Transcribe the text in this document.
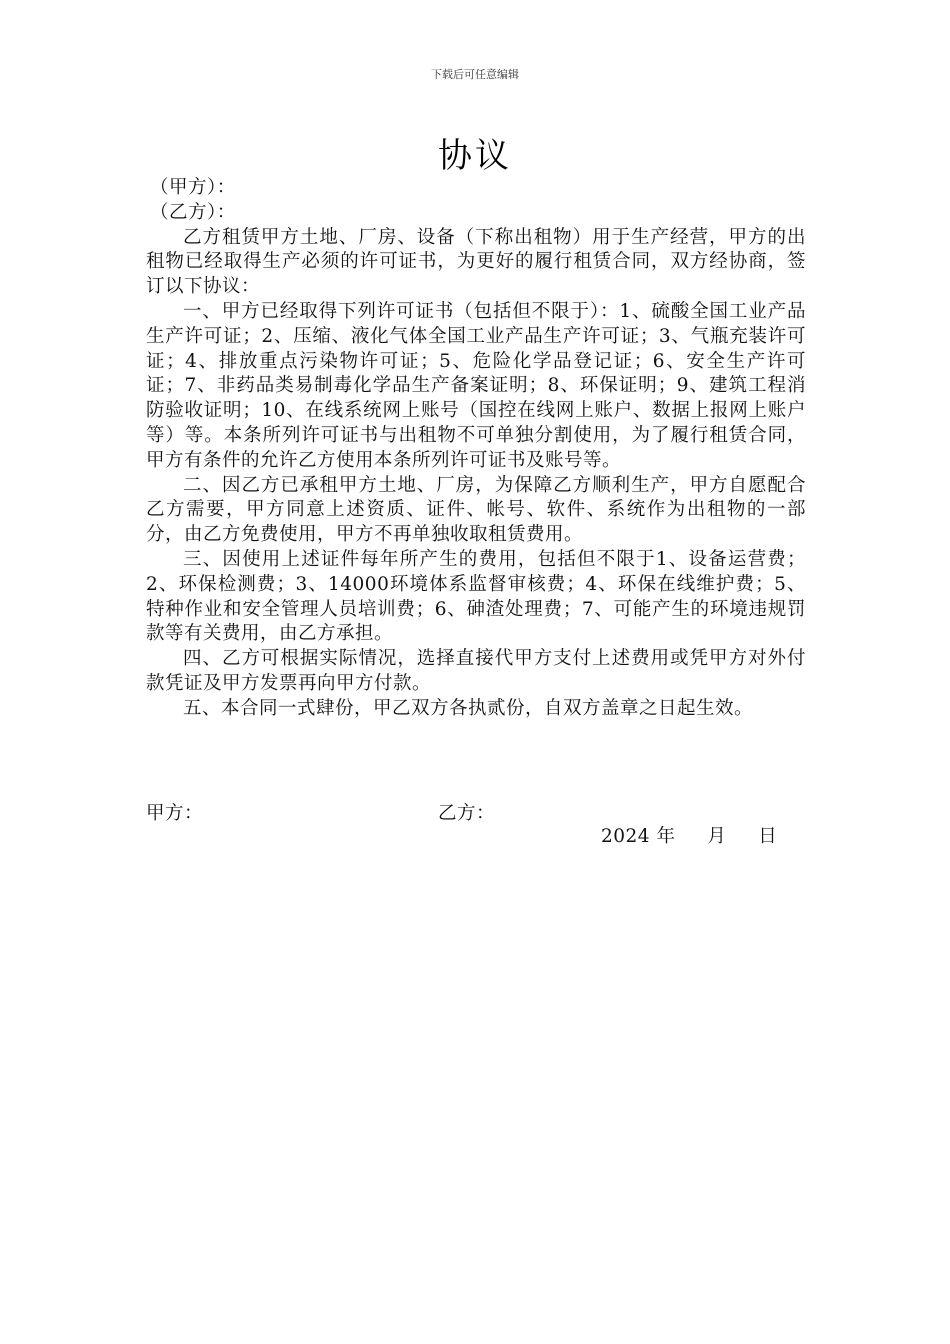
下载后可任意编辑
协议

（甲方）：

（乙方）：

乙方租赁甲方土地、厂房、设备（下称出租物）用于生产经营，甲方的出租物已经取得生产必须的许可证书，为更好的履行租赁合同，双方经协商，签订以下协议：

一、甲方已经取得下列许可证书（包括但不限于）：1、硫酸全国工业产品生产许可证；2、压缩、液化气体全国工业产品生产许可证；3、气瓶充装许可证；4、排放重点污染物许可证；5、危险化学品登记证；6、安全生产许可证；7、非药品类易制毒化学品生产备案证明；8、环保证明；9、建筑工程消防验收证明；10、在线系统网上账号（国控在线网上账户、数据上报网上账户等）等。本条所列许可证书与出租物不可单独分割使用，为了履行租赁合同，甲方有条件的允许乙方使用本条所列许可证书及账号等。

二、因乙方已承租甲方土地、厂房，为保障乙方顺利生产，甲方自愿配合乙方需要，甲方同意上述资质、证件、帐号、软件、系统作为出租物的一部分，由乙方免费使用，甲方不再单独收取租赁费用。

三、因使用上述证件每年所产生的费用，包括但不限于1、设备运营费；2、环保检测费；3、14000环境体系监督审核费；4、环保在线维护费；5、特种作业和安全管理人员培训费；6、砷渣处理费；7、可能产生的环境违规罚款等有关费用，由乙方承担。

四、乙方可根据实际情况，选择直接代甲方支付上述费用或凭甲方对外付款凭证及甲方发票再向甲方付款。

五、本合同一式肆份，甲乙双方各执贰份，自双方盖章之日起生效。

甲方：	乙方：
2024 年     月     日
